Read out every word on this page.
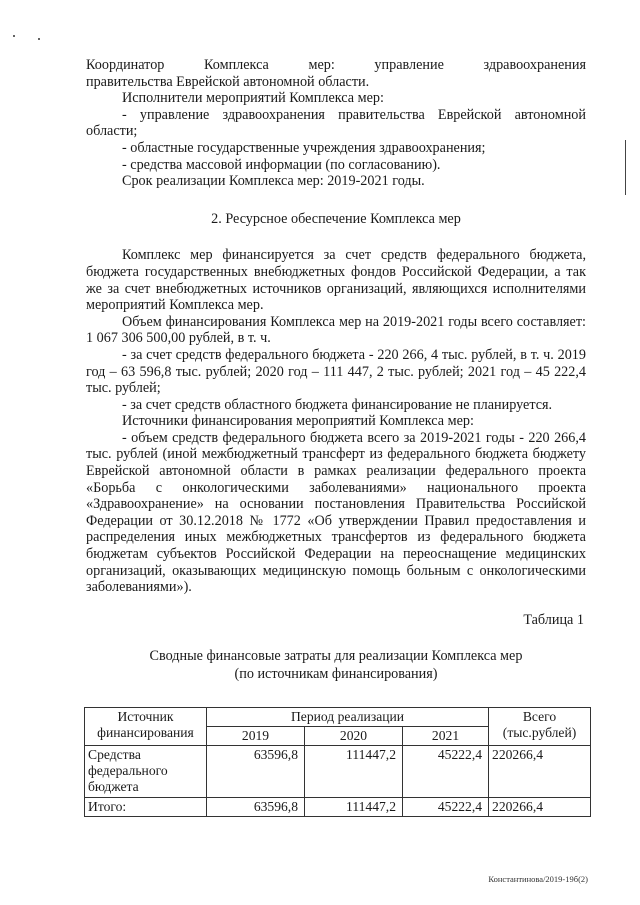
Координатор Комплекса мер: управление здравоохранения

правительства Еврейской автономной области.

Исполнители мероприятий Комплекса мер:

- управление здравоохранения правительства Еврейской автономной области;

- областные государственные учреждения здравоохранения;

- средства массовой информации (по согласованию).

Срок реализации Комплекса мер: 2019-2021 годы.

2. Ресурсное обеспечение Комплекса мер

Комплекс мер финансируется за счет средств федерального бюджета, бюджета государственных внебюджетных фондов Российской Федерации, а так же за счет внебюджетных источников организаций, являющихся исполнителями мероприятий Комплекса мер.

Объем финансирования Комплекса мер на 2019-2021 годы всего составляет: 1 067 306 500,00 рублей, в т. ч.

- за счет средств федерального бюджета - 220 266, 4 тыс. рублей, в т. ч. 2019 год – 63 596,8 тыс. рублей; 2020 год – 111 447, 2 тыс. рублей; 2021 год – 45 222,4 тыс. рублей;

- за счет средств областного бюджета финансирование не планируется.

Источники финансирования мероприятий Комплекса мер:

- объем средств федерального бюджета всего за 2019-2021 годы - 220 266,4 тыс. рублей (иной межбюджетный трансферт из федерального бюджета бюджету Еврейской автономной области в рамках реализации федерального проекта «Борьба с онкологическими заболеваниями» национального проекта «Здравоохранение» на основании постановления Правительства Российской Федерации от 30.12.2018 № 1772 «Об утверждении Правил предоставления и распределения иных межбюджетных трансфертов из федерального бюджета бюджетам субъектов Российской Федерации на переоснащение медицинских организаций, оказывающих медицинскую помощь больным с онкологическими заболеваниями»).

Таблица 1

Сводные финансовые затраты для реализации Комплекса мер
(по источникам финансирования)

Источник финансирования	Период реализации			Всего
(тыс.рублей)
	2019	2020	2021	
Средства федерального бюджета	63596,8	111447,2	45222,4	220266,4
Итого:	63596,8	111447,2	45222,4	220266,4
Константинова/2019-19б(2)
